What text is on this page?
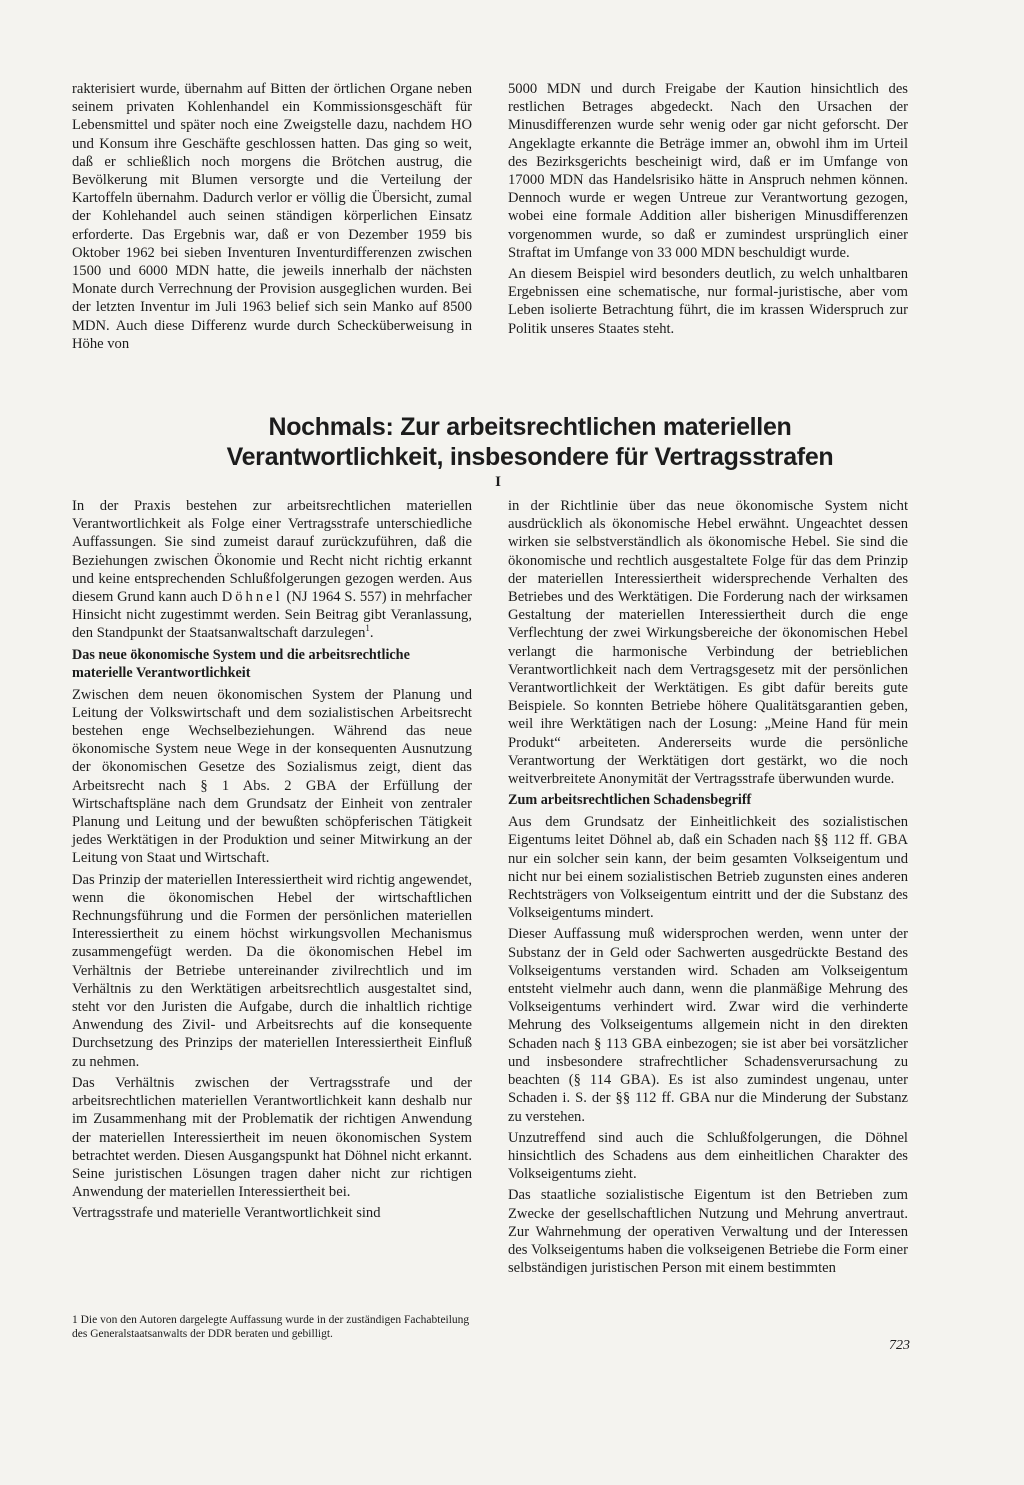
rakterisiert wurde, übernahm auf Bitten der örtlichen Organe neben seinem privaten Kohlenhandel ein Kommissionsgeschäft für Lebensmittel und später noch eine Zweigstelle dazu, nachdem HO und Konsum ihre Geschäfte geschlossen hatten. Das ging so weit, daß er schließlich noch morgens die Brötchen austrug, die Bevölkerung mit Blumen versorgte und die Verteilung der Kartoffeln übernahm. Dadurch verlor er völlig die Übersicht, zumal der Kohlehandel auch seinen ständigen körperlichen Einsatz erforderte. Das Ergebnis war, daß er von Dezember 1959 bis Oktober 1962 bei sieben Inventuren Inventurdifferenzen zwischen 1500 und 6000 MDN hatte, die jeweils innerhalb der nächsten Monate durch Verrechnung der Provision ausgeglichen wurden. Bei der letzten Inventur im Juli 1963 belief sich sein Manko auf 8500 MDN. Auch diese Differenz wurde durch Schecküberweisung in Höhe von

5000 MDN und durch Freigabe der Kaution hinsichtlich des restlichen Betrages abgedeckt. Nach den Ursachen der Minusdifferenzen wurde sehr wenig oder gar nicht geforscht. Der Angeklagte erkannte die Beträge immer an, obwohl ihm im Urteil des Bezirksgerichts bescheinigt wird, daß er im Umfange von 17000 MDN das Handelsrisiko hätte in Anspruch nehmen können. Dennoch wurde er wegen Untreue zur Verantwortung gezogen, wobei eine formale Addition aller bisherigen Minusdifferenzen vorgenommen wurde, so daß er zumindest ursprünglich einer Straftat im Umfange von 33 000 MDN beschuldigt wurde.

An diesem Beispiel wird besonders deutlich, zu welch unhaltbaren Ergebnissen eine schematische, nur formal-juristische, aber vom Leben isolierte Betrachtung führt, die im krassen Widerspruch zur Politik unseres Staates steht.

Nochmals: Zur arbeitsrechtlichen materiellen
Verantwortlichkeit, insbesondere für Vertragsstrafen
I

In der Praxis bestehen zur arbeitsrechtlichen materiellen Verantwortlichkeit als Folge einer Vertragsstrafe unterschiedliche Auffassungen. Sie sind zumeist darauf zurückzuführen, daß die Beziehungen zwischen Ökonomie und Recht nicht richtig erkannt und keine entsprechenden Schlußfolgerungen gezogen werden. Aus diesem Grund kann auch Döhnel (NJ 1964 S. 557) in mehrfacher Hinsicht nicht zugestimmt werden. Sein Beitrag gibt Veranlassung, den Standpunkt der Staatsanwaltschaft darzulegen$^1$.

Das neue ökonomische System und die arbeitsrechtliche materielle Verantwortlichkeit

Zwischen dem neuen ökonomischen System der Planung und Leitung der Volkswirtschaft und dem sozialistischen Arbeitsrecht bestehen enge Wechselbeziehungen. Während das neue ökonomische System neue Wege in der konsequenten Ausnutzung der ökonomischen Gesetze des Sozialismus zeigt, dient das Arbeitsrecht nach § 1 Abs. 2 GBA der Erfüllung der Wirtschaftspläne nach dem Grundsatz der Einheit von zentraler Planung und Leitung und der bewußten schöpferischen Tätigkeit jedes Werktätigen in der Produktion und seiner Mitwirkung an der Leitung von Staat und Wirtschaft.

Das Prinzip der materiellen Interessiertheit wird richtig angewendet, wenn die ökonomischen Hebel der wirtschaftlichen Rechnungsführung und die Formen der persönlichen materiellen Interessiertheit zu einem höchst wirkungsvollen Mechanismus zusammengefügt werden. Da die ökonomischen Hebel im Verhältnis der Betriebe untereinander zivilrechtlich und im Verhältnis zu den Werktätigen arbeitsrechtlich ausgestaltet sind, steht vor den Juristen die Aufgabe, durch die inhaltlich richtige Anwendung des Zivil- und Arbeitsrechts auf die konsequente Durchsetzung des Prinzips der materiellen Interessiertheit Einfluß zu nehmen.

Das Verhältnis zwischen der Vertragsstrafe und der arbeitsrechtlichen materiellen Verantwortlichkeit kann deshalb nur im Zusammenhang mit der Problematik der richtigen Anwendung der materiellen Interessiertheit im neuen ökonomischen System betrachtet werden. Diesen Ausgangspunkt hat Döhnel nicht erkannt. Seine juristischen Lösungen tragen daher nicht zur richtigen Anwendung der materiellen Interessiertheit bei.

Vertragsstrafe und materielle Verantwortlichkeit sind

1 Die von den Autoren dargelegte Auffassung wurde in der zuständigen Fachabteilung des Generalstaatsanwalts der DDR beraten und gebilligt.

in der Richtlinie über das neue ökonomische System nicht ausdrücklich als ökonomische Hebel erwähnt. Ungeachtet dessen wirken sie selbstverständlich als ökonomische Hebel. Sie sind die ökonomische und rechtlich ausgestaltete Folge für das dem Prinzip der materiellen Interessiertheit widersprechende Verhalten des Betriebes und des Werktätigen. Die Forderung nach der wirksamen Gestaltung der materiellen Interessiertheit durch die enge Verflechtung der zwei Wirkungsbereiche der ökonomischen Hebel verlangt die harmonische Verbindung der betrieblichen Verantwortlichkeit nach dem Vertragsgesetz mit der persönlichen Verantwortlichkeit der Werktätigen. Es gibt dafür bereits gute Beispiele. So konnten Betriebe höhere Qualitätsgarantien geben, weil ihre Werktätigen nach der Losung: „Meine Hand für mein Produkt“ arbeiteten. Andererseits wurde die persönliche Verantwortung der Werktätigen dort gestärkt, wo die noch weitverbreitete Anonymität der Vertragsstrafe überwunden wurde.

Zum arbeitsrechtlichen Schadensbegriff

Aus dem Grundsatz der Einheitlichkeit des sozialistischen Eigentums leitet Döhnel ab, daß ein Schaden nach §§ 112 ff. GBA nur ein solcher sein kann, der beim gesamten Volkseigentum und nicht nur bei einem sozialistischen Betrieb zugunsten eines anderen Rechtsträgers von Volkseigentum eintritt und der die Substanz des Volkseigentums mindert.

Dieser Auffassung muß widersprochen werden, wenn unter der Substanz der in Geld oder Sachwerten ausgedrückte Bestand des Volkseigentums verstanden wird. Schaden am Volkseigentum entsteht vielmehr auch dann, wenn die planmäßige Mehrung des Volkseigentums verhindert wird. Zwar wird die verhinderte Mehrung des Volkseigentums allgemein nicht in den direkten Schaden nach § 113 GBA einbezogen; sie ist aber bei vorsätzlicher und insbesondere strafrechtlicher Schadensverursachung zu beachten (§ 114 GBA). Es ist also zumindest ungenau, unter Schaden i. S. der §§ 112 ff. GBA nur die Minderung der Substanz zu verstehen.

Unzutreffend sind auch die Schlußfolgerungen, die Döhnel hinsichtlich des Schadens aus dem einheitlichen Charakter des Volkseigentums zieht.

Das staatliche sozialistische Eigentum ist den Betrieben zum Zwecke der gesellschaftlichen Nutzung und Mehrung anvertraut. Zur Wahrnehmung der operativen Verwaltung und der Interessen des Volkseigentums haben die volkseigenen Betriebe die Form einer selbständigen juristischen Person mit einem bestimmten

723
